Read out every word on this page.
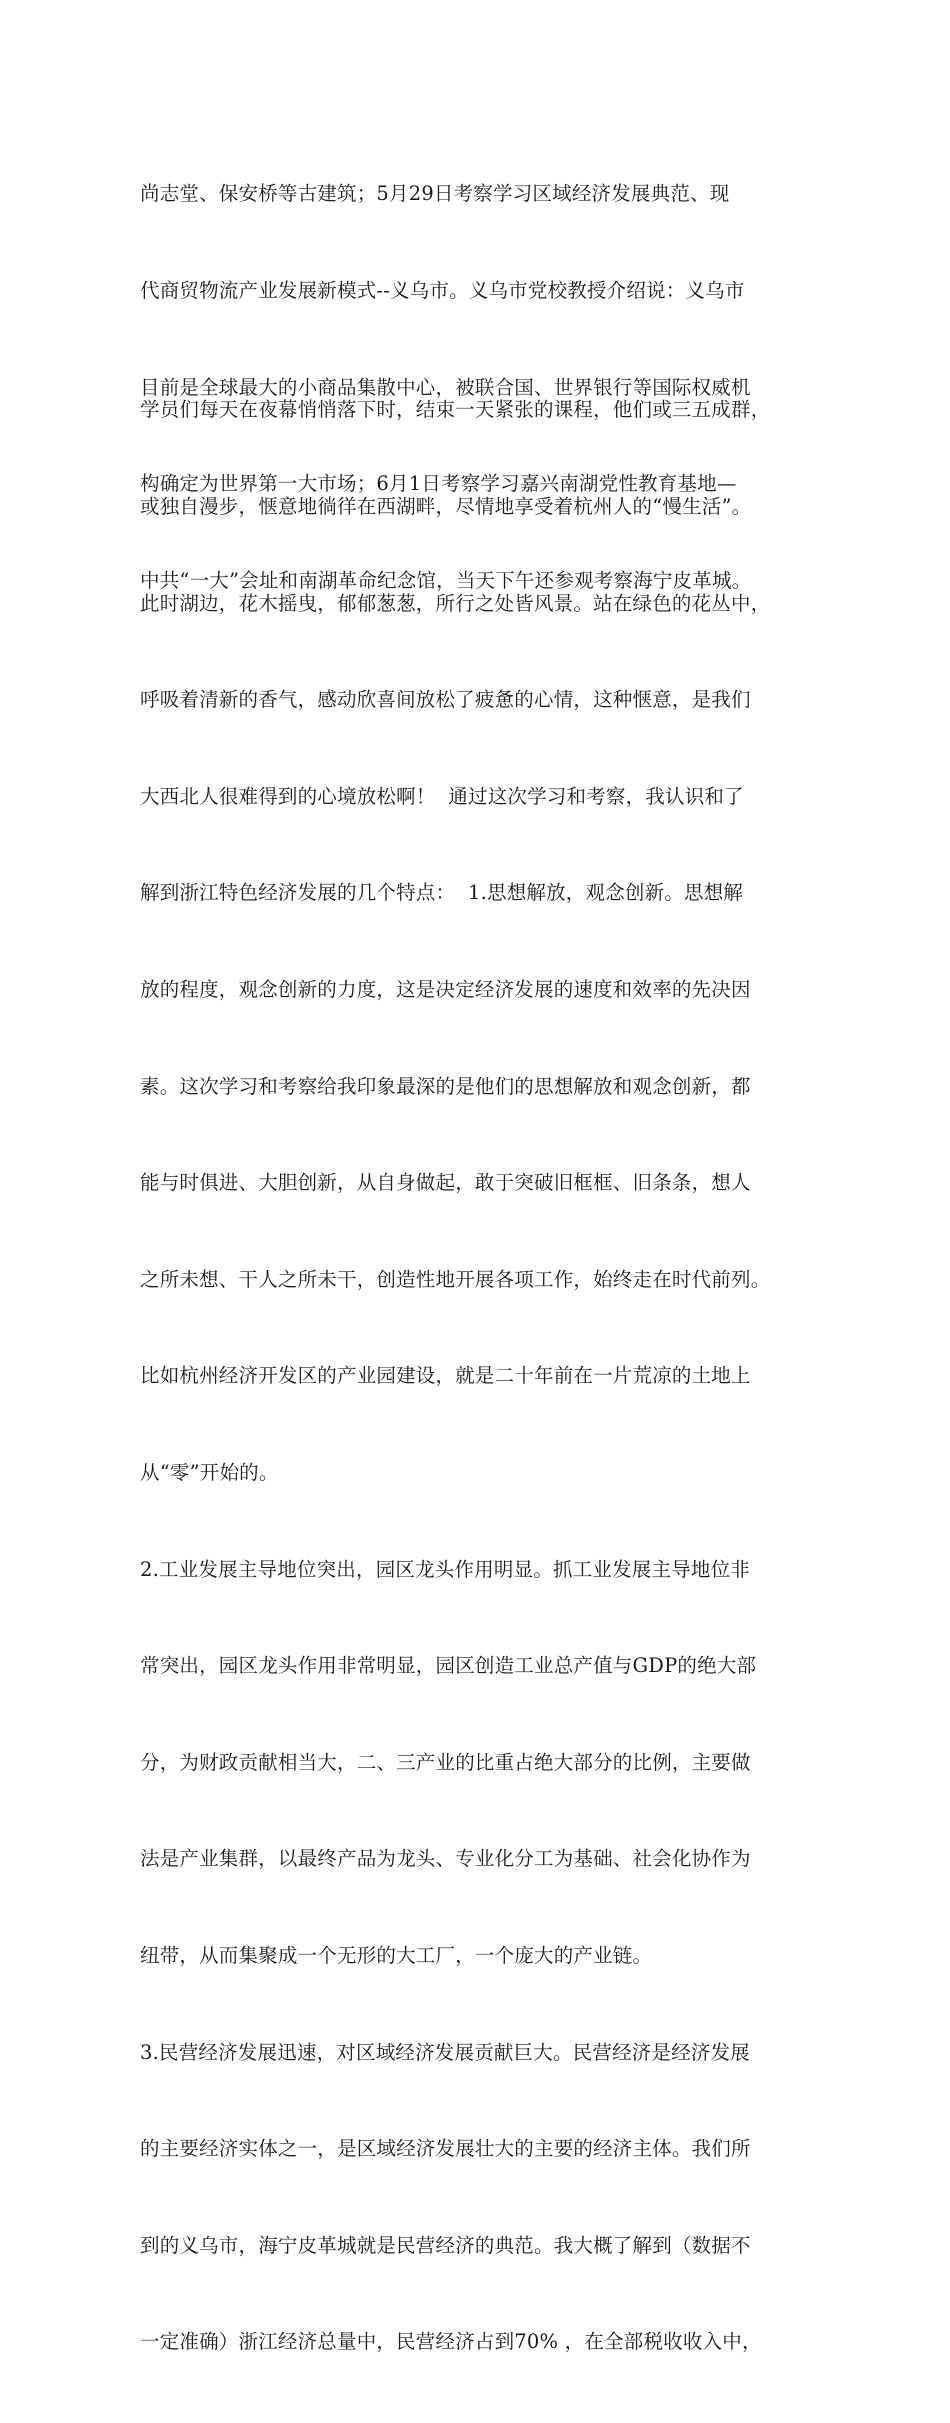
尚志堂、保安桥等古建筑；5月29日考察学习区域经济发展典范、现

代商贸物流产业发展新模式--义乌市。义乌市党校教授介绍说：义乌市

目前是全球最大的小商品集散中心，被联合国、世界银行等国际权威机

构确定为世界第一大市场；6月1日考察学习嘉兴南湖党性教育基地—

中共“一大”会址和南湖革命纪念馆，当天下午还参观考察海宁皮革城。

学员们每天在夜幕悄悄落下时，结束一天紧张的课程，他们或三五成群，

或独自漫步，惬意地徜徉在西湖畔，尽情地享受着杭州人的“慢生活”。

此时湖边，花木摇曳，郁郁葱葱，所行之处皆风景。站在绿色的花丛中，

呼吸着清新的香气，感动欣喜间放松了疲惫的心情，这种惬意，是我们

大西北人很难得到的心境放松啊！  通过这次学习和考察，我认识和了

解到浙江特色经济发展的几个特点：  1.思想解放，观念创新。思想解

放的程度，观念创新的力度，这是决定经济发展的速度和效率的先决因

素。这次学习和考察给我印象最深的是他们的思想解放和观念创新，都

能与时俱进、大胆创新，从自身做起，敢于突破旧框框、旧条条，想人

之所未想、干人之所未干，创造性地开展各项工作，始终走在时代前列。

比如杭州经济开发区的产业园建设，就是二十年前在一片荒凉的土地上

从“零”开始的。

2.工业发展主导地位突出，园区龙头作用明显。抓工业发展主导地位非

常突出，园区龙头作用非常明显，园区创造工业总产值与GDP的绝大部

分，为财政贡献相当大，二、三产业的比重占绝大部分的比例，主要做

法是产业集群，以最终产品为龙头、专业化分工为基础、社会化协作为

纽带，从而集聚成一个无形的大工厂，一个庞大的产业链。

3.民营经济发展迅速，对区域经济发展贡献巨大。民营经济是经济发展

的主要经济实体之一，是区域经济发展壮大的主要的经济主体。我们所

到的义乌市，海宁皮革城就是民营经济的典范。我大概了解到（数据不

一定准确）浙江经济总量中，民营经济占到70% ，在全部税收收入中，
